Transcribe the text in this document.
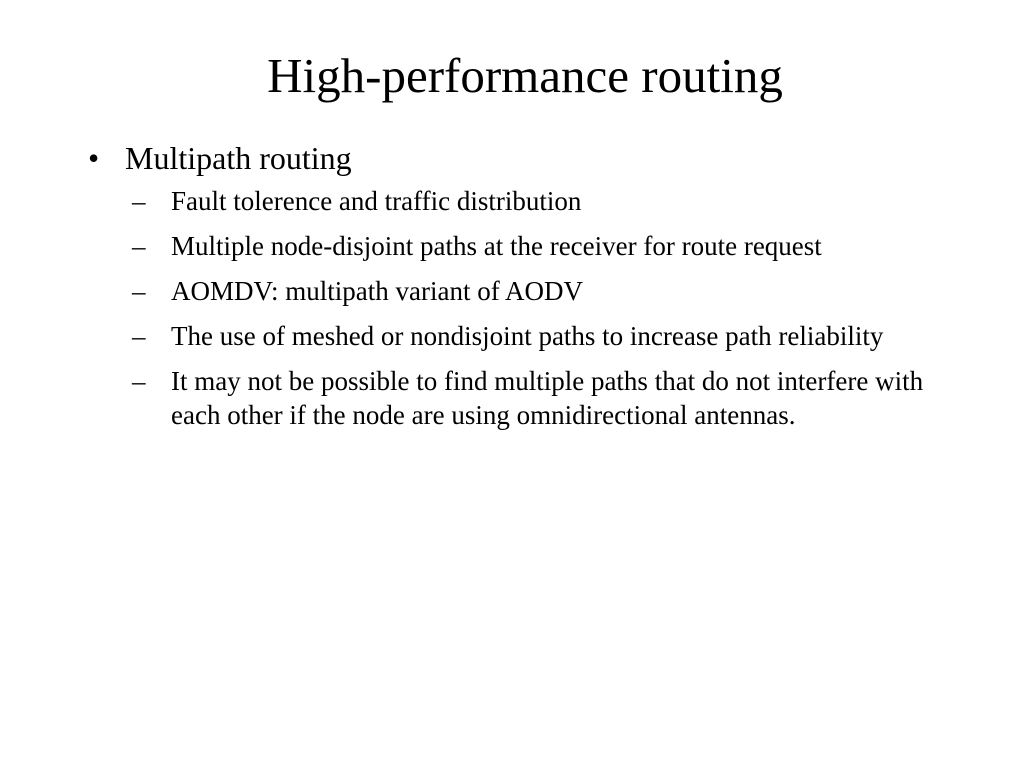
High-performance routing
• Multipath routing
– Fault tolerence and traffic distribution
– Multiple node-disjoint paths at the receiver for route request
– AOMDV: multipath variant of AODV
– The use of meshed or nondisjoint paths to increase path reliability
– It may not be possible to find multiple paths that do not interfere with each other if the node are using omnidirectional antennas.
